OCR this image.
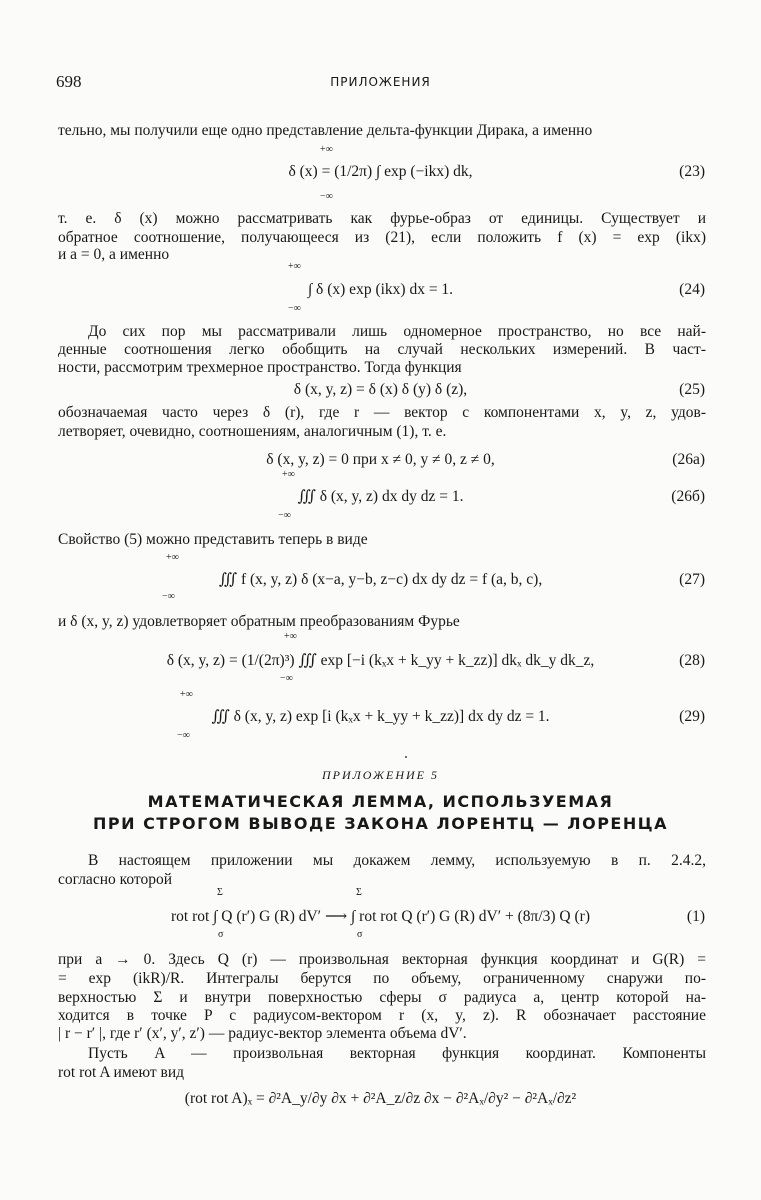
698	ПРИЛОЖЕНИЯ
тельно, мы получили еще одно представление дельта-функции Дирака, а именно
+∞
−∞
δ (x) = (1/2π) ∫ exp (−ikx) dk,	(23)
т. е. δ (x) можно рассматривать как фурье-образ от единицы. Существует и
обратное соотношение, получающееся из (21), если положить f (x) = exp (ikx)
и a = 0, а именно
+∞
−∞
∫ δ (x) exp (ikx) dx = 1.	(24)
До сих пор мы рассматривали лишь одномерное пространство, но все най-
денные соотношения легко обобщить на случай нескольких измерений. В част-
ности, рассмотрим трехмерное пространство. Тогда функция
δ (x, y, z) = δ (x) δ (y) δ (z),	(25)
обозначаемая часто через δ (r), где r — вектор с компонентами x, y, z, удов-
летворяет, очевидно, соотношениям, аналогичным (1), т. е.
δ (x, y, z) = 0 при x ≠ 0, y ≠ 0, z ≠ 0,	(26а)
+∞
−∞
∭ δ (x, y, z) dx dy dz = 1.	(26б)
Свойство (5) можно представить теперь в виде
+∞
−∞
∭ f (x, y, z) δ (x−a, y−b, z−c) dx dy dz = f (a, b, c),	(27)
и δ (x, y, z) удовлетворяет обратным преобразованиям Фурье
+∞
−∞
δ (x, y, z) = (1/(2π)³) ∭ exp [−i (kₓx + k_yy + k_zz)] dkₓ dk_y dk_z,	(28)
+∞
−∞
∭ δ (x, y, z) exp [i (kₓx + k_yy + k_zz)] dx dy dz = 1.	(29)
ПРИЛОЖЕНИЕ 5
МАТЕМАТИЧЕСКАЯ ЛЕММА, ИСПОЛЬЗУЕМАЯ
ПРИ СТРОГОМ ВЫВОДЕ ЗАКОНА ЛОРЕНТЦ — ЛОРЕНЦА
В настоящем приложении мы докажем лемму, используемую в п. 2.4.2,
согласно которой
Σ
σ
Σ
σ
rot rot ∫ Q (r′) G (R) dV′ ⟶ ∫ rot rot Q (r′) G (R) dV′ + (8π/3) Q (r)	(1)
при a → 0. Здесь Q (r) — произвольная векторная функция координат и G(R) =
= exp (ikR)/R. Интегралы берутся по объему, ограниченному снаружи по-
верхностью Σ и внутри поверхностью сферы σ радиуса a, центр которой на-
ходится в точке P с радиусом-вектором r (x, y, z). R обозначает расстояние
| r − r′ |, где r′ (x′, y′, z′) — радиус-вектор элемента объема dV′.
Пусть A — произвольная векторная функция координат. Компоненты
rot rot A имеют вид
(rot rot A)ₓ = ∂²A_y/∂y ∂x + ∂²A_z/∂z ∂x − ∂²Aₓ/∂y² − ∂²Aₓ/∂z²
